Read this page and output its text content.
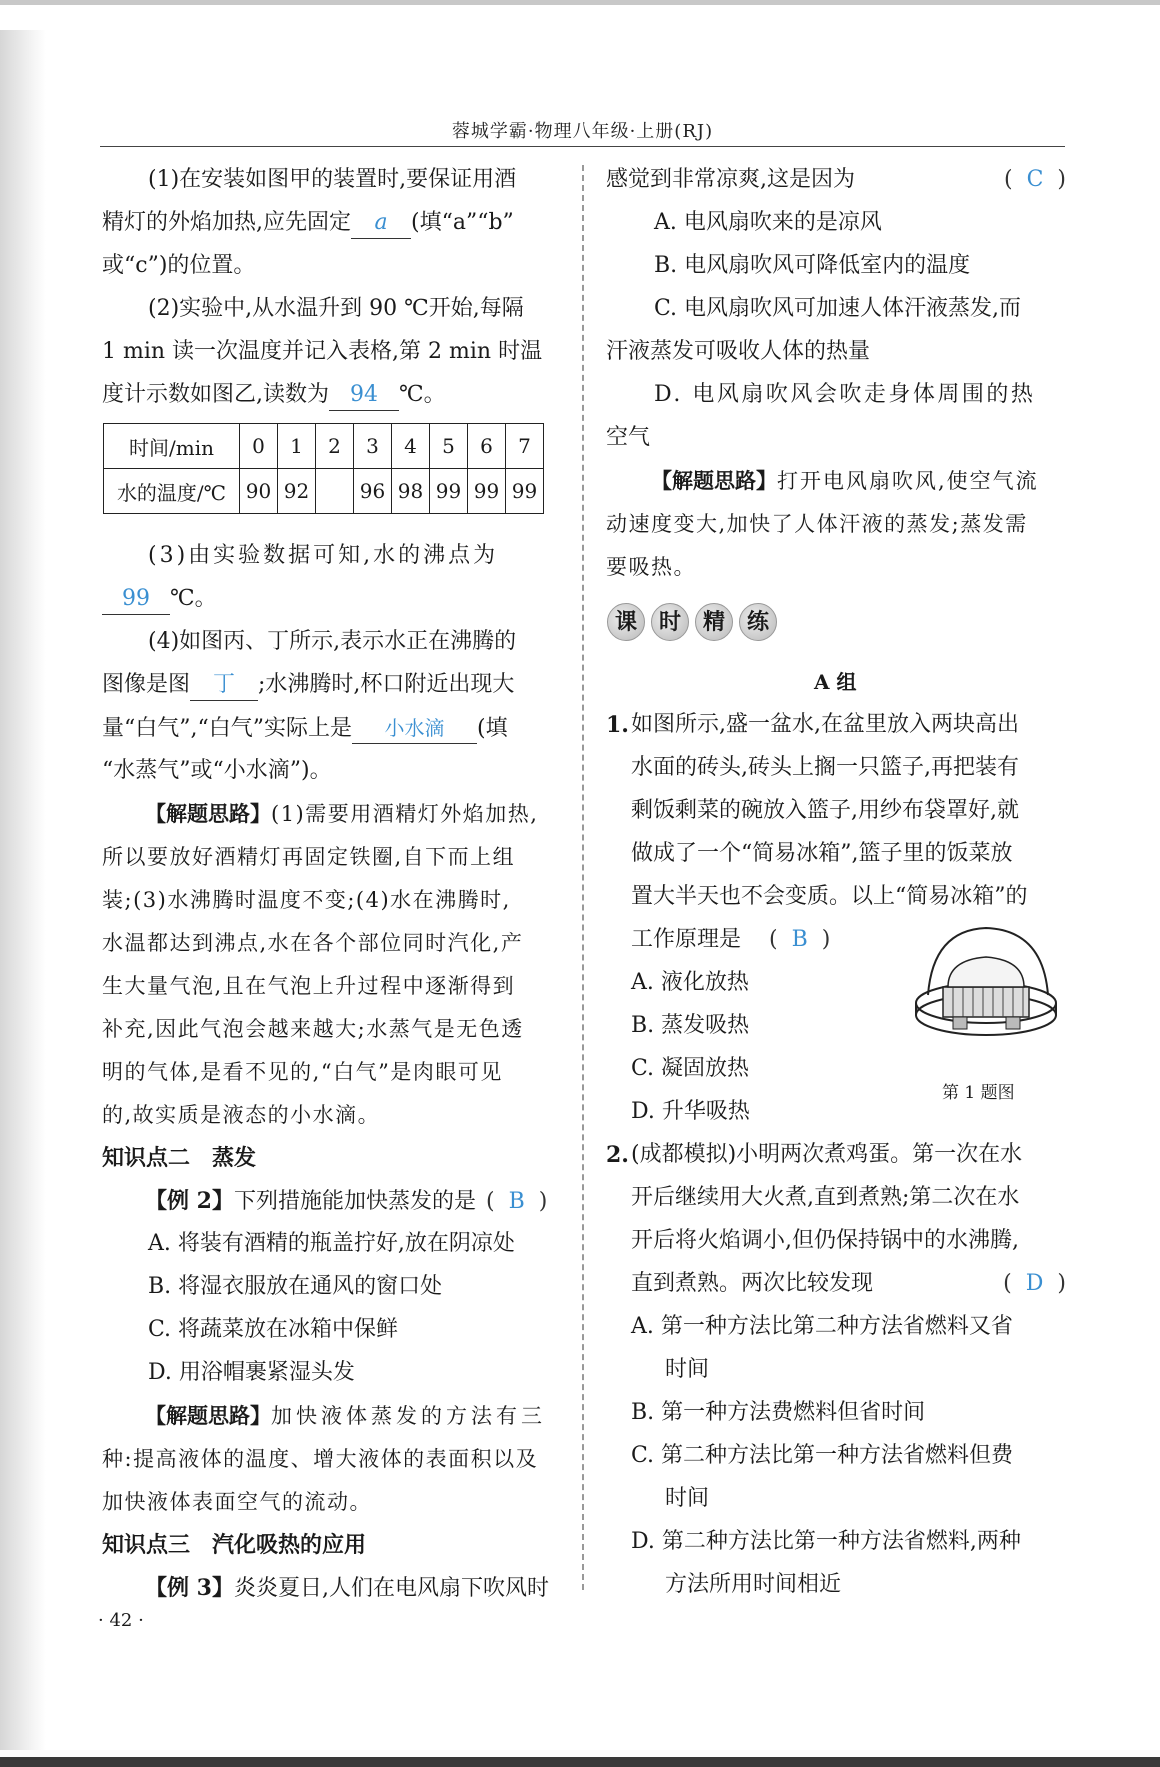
蓉城学霸·物理八年级·上册(RJ)
(1)在安装如图甲的装置时,要保证用酒
精灯的外焰加热,应先固定 a (填“a”“b”
或“c”)的位置。
(2)实验中,从水温升到 90 ℃开始,每隔
1 min 读一次温度并记入表格,第 2 min 时温
度计示数如图乙,读数为 94 ℃。
时间/min	0	1	2	3	4	5	6	7
水的温度/℃	90	92		96	98	99	99	99
(3)由实验数据可知,水的沸点为
99 ℃。
(4)如图丙、丁所示,表示水正在沸腾的
图像是图 丁 ;水沸腾时,杯口附近出现大
量“白气”,“白气”实际上是 小水滴 (填
“水蒸气”或“小水滴”)。
【解题思路】(1)需要用酒精灯外焰加热,
所以要放好酒精灯再固定铁圈,自下而上组
装;(3)水沸腾时温度不变;(4)水在沸腾时,
水温都达到沸点,水在各个部位同时汽化,产
生大量气泡,且在气泡上升过程中逐渐得到
补充,因此气泡会越来越大;水蒸气是无色透
明的气体,是看不见的,“白气”是肉眼可见
的,故实质是液态的小水滴。
知识点二　蒸发
【例 2】下列措施能加快蒸发的是 ( B )
A. 将装有酒精的瓶盖拧好,放在阴凉处
B. 将湿衣服放在通风的窗口处
C. 将蔬菜放在冰箱中保鲜
D. 用浴帽裹紧湿头发
【解题思路】加快液体蒸发的方法有三
种:提高液体的温度、增大液体的表面积以及
加快液体表面空气的流动。
知识点三　汽化吸热的应用
【例 3】炎炎夏日,人们在电风扇下吹风时
感觉到非常凉爽,这是因为	( C )
A. 电风扇吹来的是凉风
B. 电风扇吹风可降低室内的温度
C. 电风扇吹风可加速人体汗液蒸发,而
汗液蒸发可吸收人体的热量
D. 电风扇吹风会吹走身体周围的热
空气
【解题思路】打开电风扇吹风,使空气流
动速度变大,加快了人体汗液的蒸发;蒸发需
要吸热。
课 时 精 练
A 组
1. 如图所示,盛一盆水,在盆里放入两块高出
水面的砖头,砖头上搁一只篮子,再把装有
剩饭剩菜的碗放入篮子,用纱布袋罩好,就
做成了一个“简易冰箱”,篮子里的饭菜放
置大半天也不会变质。以上“简易冰箱”的
工作原理是 ( B )
A. 液化放热
B. 蒸发吸热
C. 凝固放热
D. 升华吸热
第 1 题图
2. (成都模拟)小明两次煮鸡蛋。第一次在水
开后继续用大火煮,直到煮熟;第二次在水
开后将火焰调小,但仍保持锅中的水沸腾,
直到煮熟。两次比较发现	( D )
A. 第一种方法比第二种方法省燃料又省
时间
B. 第一种方法费燃料但省时间
C. 第二种方法比第一种方法省燃料但费
时间
D. 第二种方法比第一种方法省燃料,两种
方法所用时间相近
· 42 ·
